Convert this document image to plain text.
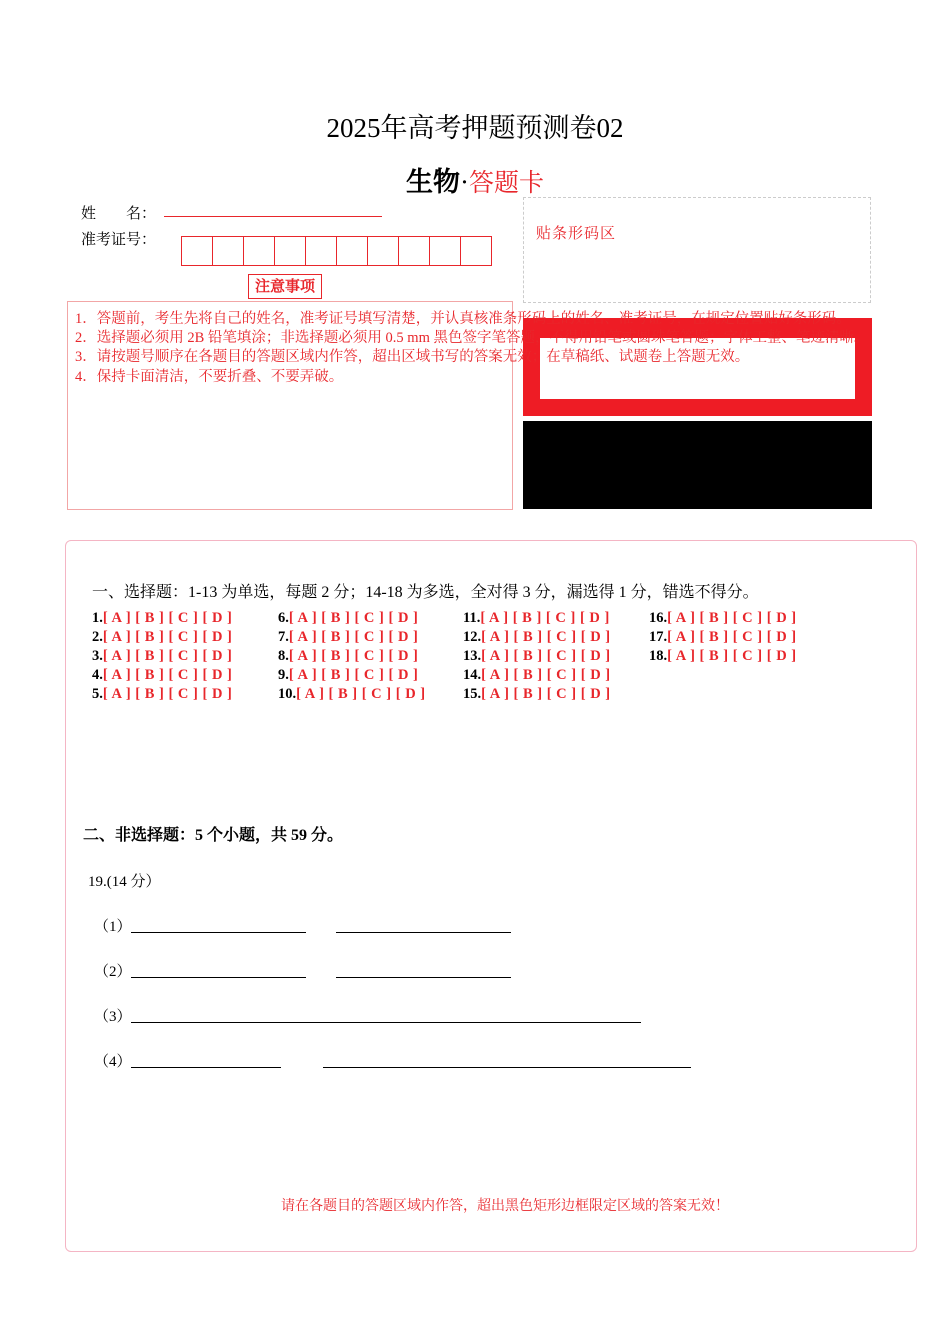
2025年高考押题预测卷02
生物·答题卡
姓　　名：
准考证号：	贴条形码区
注意事项
1．答题前，考生先将自己的姓名，准考证号填写清楚，并认真核准条形码上的姓名、准考证号，在规定位置贴好条形码。
2．选择题必须用 2B 铅笔填涂；非选择题必须用 0.5 mm 黑色签字笔答题，不得用铅笔或圆珠笔答题；字体工整、笔迹清晰。
3．请按题号顺序在各题目的答题区域内作答，超出区域书写的答案无效；在草稿纸、试题卷上答题无效。
4．保持卡面清洁，不要折叠、不要弄破。
一、选择题：1-13 为单选，每题 2 分；14-18 为多选，全对得 3 分，漏选得 1 分，错选不得分。
1.[ A ] [ B ] [ C ] [ D ]
2.[ A ] [ B ] [ C ] [ D ]
3.[ A ] [ B ] [ C ] [ D ]
4.[ A ] [ B ] [ C ] [ D ]
5.[ A ] [ B ] [ C ] [ D ]
6.[ A ] [ B ] [ C ] [ D ]
7.[ A ] [ B ] [ C ] [ D ]
8.[ A ] [ B ] [ C ] [ D ]
9.[ A ] [ B ] [ C ] [ D ]
10.[ A ] [ B ] [ C ] [ D ]
11.[ A ] [ B ] [ C ] [ D ]
12.[ A ] [ B ] [ C ] [ D ]
13.[ A ] [ B ] [ C ] [ D ]
14.[ A ] [ B ] [ C ] [ D ]
15.[ A ] [ B ] [ C ] [ D ]
16.[ A ] [ B ] [ C ] [ D ]
17.[ A ] [ B ] [ C ] [ D ]
18.[ A ] [ B ] [ C ] [ D ]
二、非选择题：5 个小题，共 59 分。
19.(14 分）
（1）
（2）
（3）
（4）
请在各题目的答题区域内作答，超出黑色矩形边框限定区域的答案无效！
